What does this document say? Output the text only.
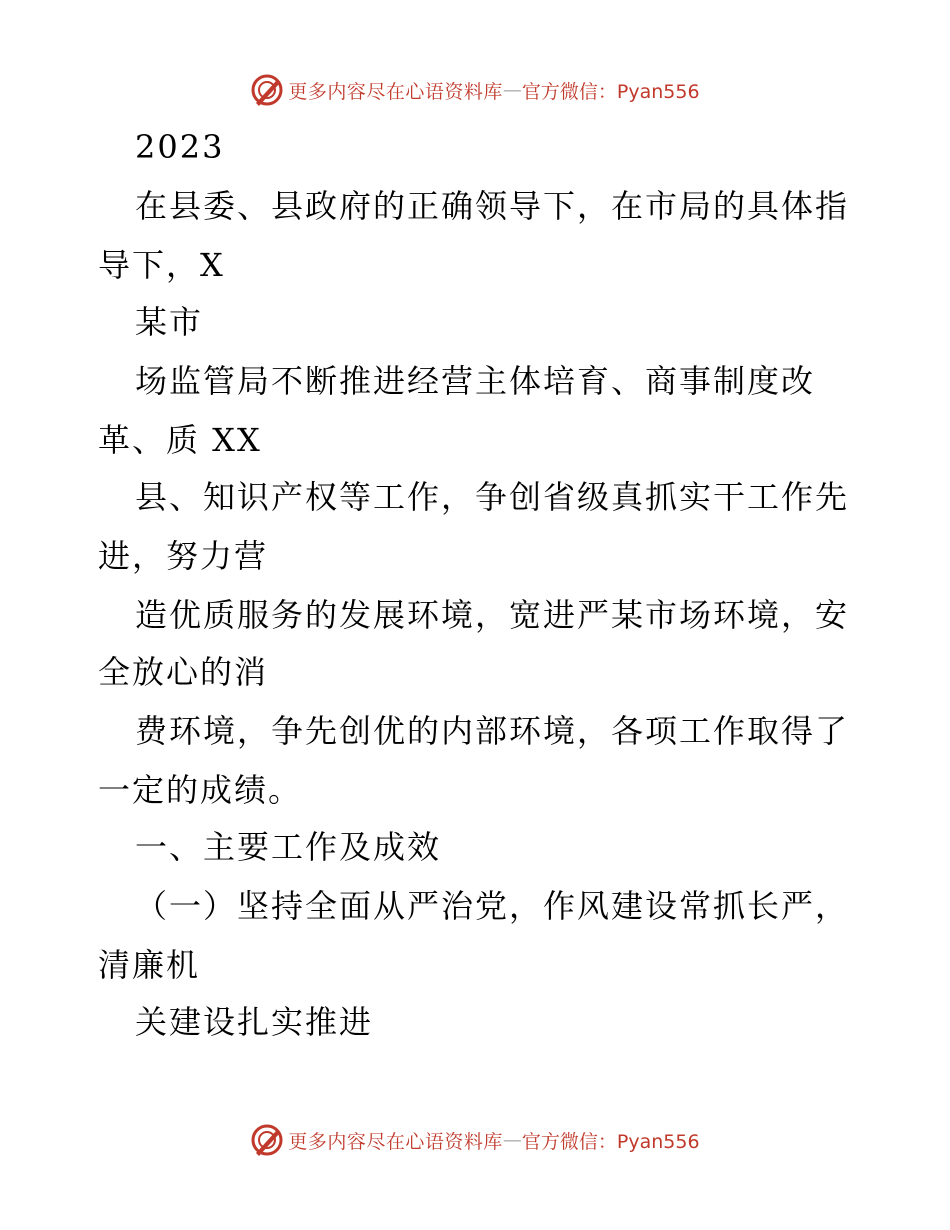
更多内容尽在心语资料库 — 官方微信：Pyan556
2023
在县委、县政府的正确领导下，在市局的具体指
导下，X
某市
场监管局不断推进经营主体培育、商事制度改
革、质 XX
县、知识产权等工作，争创省级真抓实干工作先
进，努力营
造优质服务的发展环境，宽进严某市场环境，安
全放心的消
费环境，争先创优的内部环境，各项工作取得了
一定的成绩。
一、主要工作及成效
（一）坚持全面从严治党，作风建设常抓长严，
清廉机
关建设扎实推进
更多内容尽在心语资料库 — 官方微信：Pyan556
